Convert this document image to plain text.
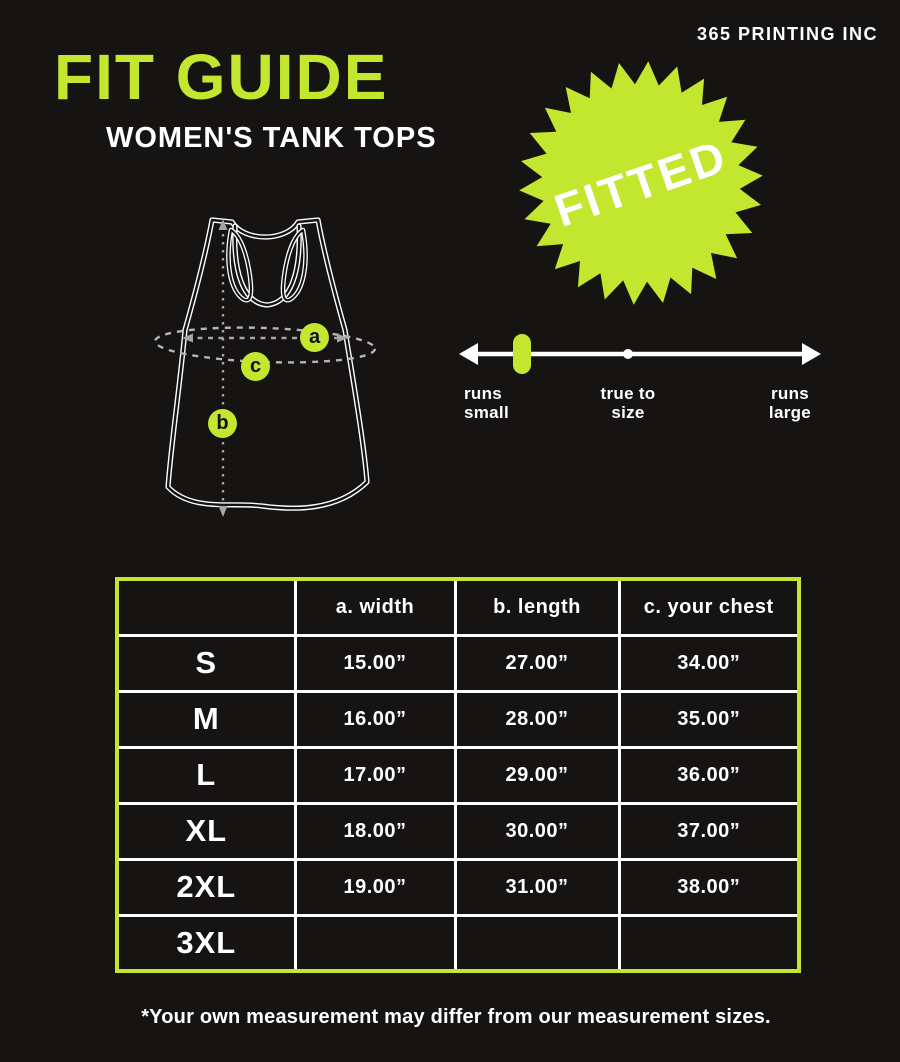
365 PRINTING INC
FIT GUIDE
WOMEN'S TANK TOPS	FITTED
a
b
c
runs
small
true to
size
runs
large
	a. width	b. length	c. your chest
S	15.00”	27.00”	34.00”
M	16.00”	28.00”	35.00”
L	17.00”	29.00”	36.00”
XL	18.00”	30.00”	37.00”
2XL	19.00”	31.00”	38.00”
3XL			
*Your own measurement may differ from our measurement sizes.
